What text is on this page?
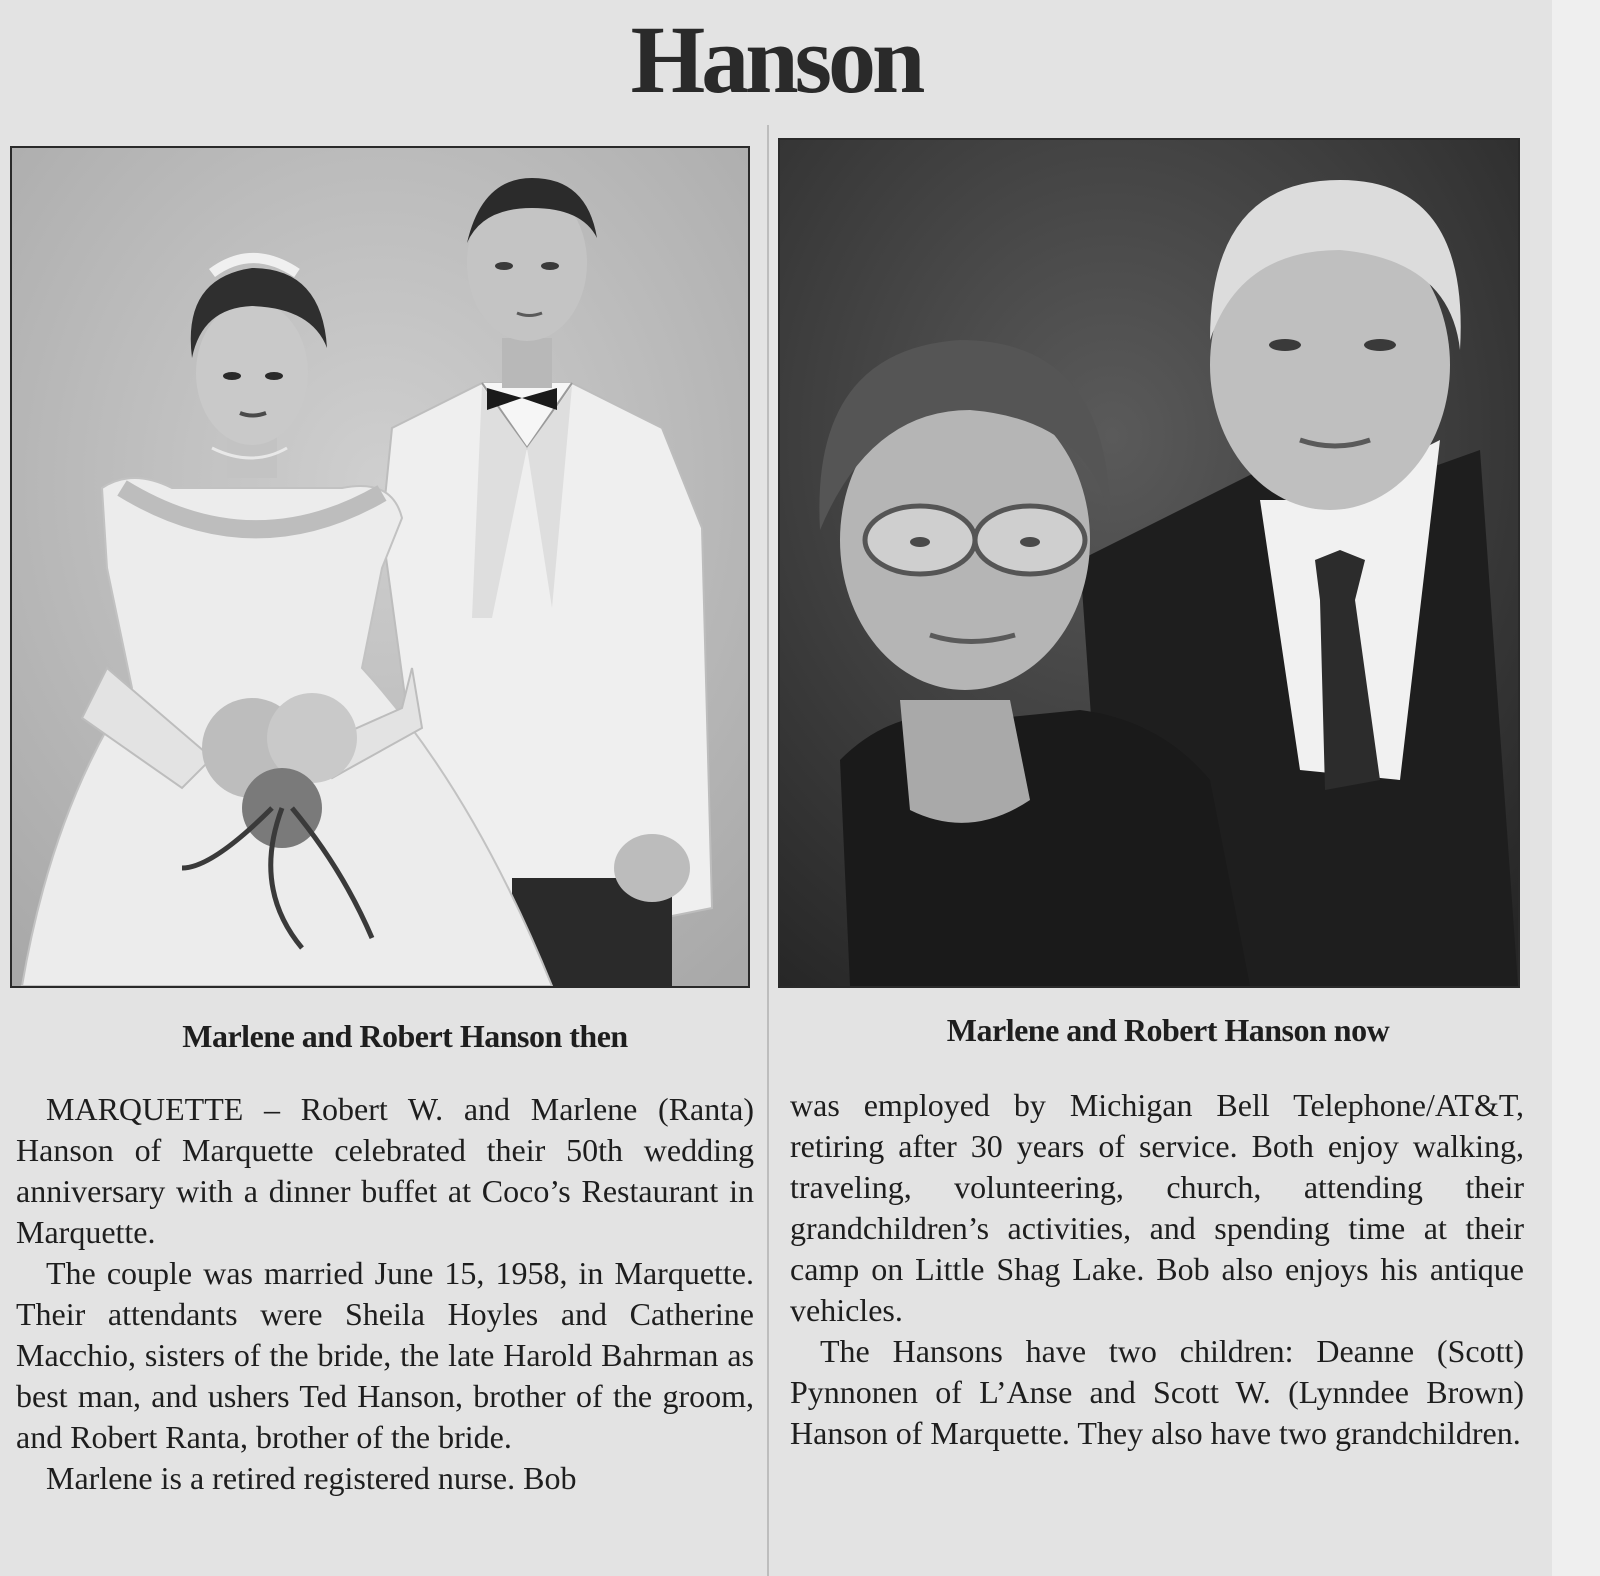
Hanson
Marlene and Robert Hanson then	Marlene and Robert Hanson now

MARQUETTE – Robert W. and Marlene (Ranta) Hanson of Marquette celebrated their 50th wedding anniversary with a dinner buffet at Coco’s Restaurant in Marquette.

The couple was married June 15, 1958, in Marquette. Their attendants were Sheila Hoyles and Catherine Macchio, sisters of the bride, the late Harold Bahrman as best man, and ushers Ted Hanson, brother of the groom, and Robert Ranta, brother of the bride.

Marlene is a retired registered nurse. Bob

was employed by Michigan Bell Telephone/AT&T, retiring after 30 years of service. Both enjoy walking, traveling, volunteering, church, attending their grandchildren’s activities, and spending time at their camp on Little Shag Lake. Bob also enjoys his antique vehicles.

The Hansons have two children: Deanne (Scott) Pynnonen of L’Anse and Scott W. (Lynndee Brown) Hanson of Marquette. They also have two grandchildren.
